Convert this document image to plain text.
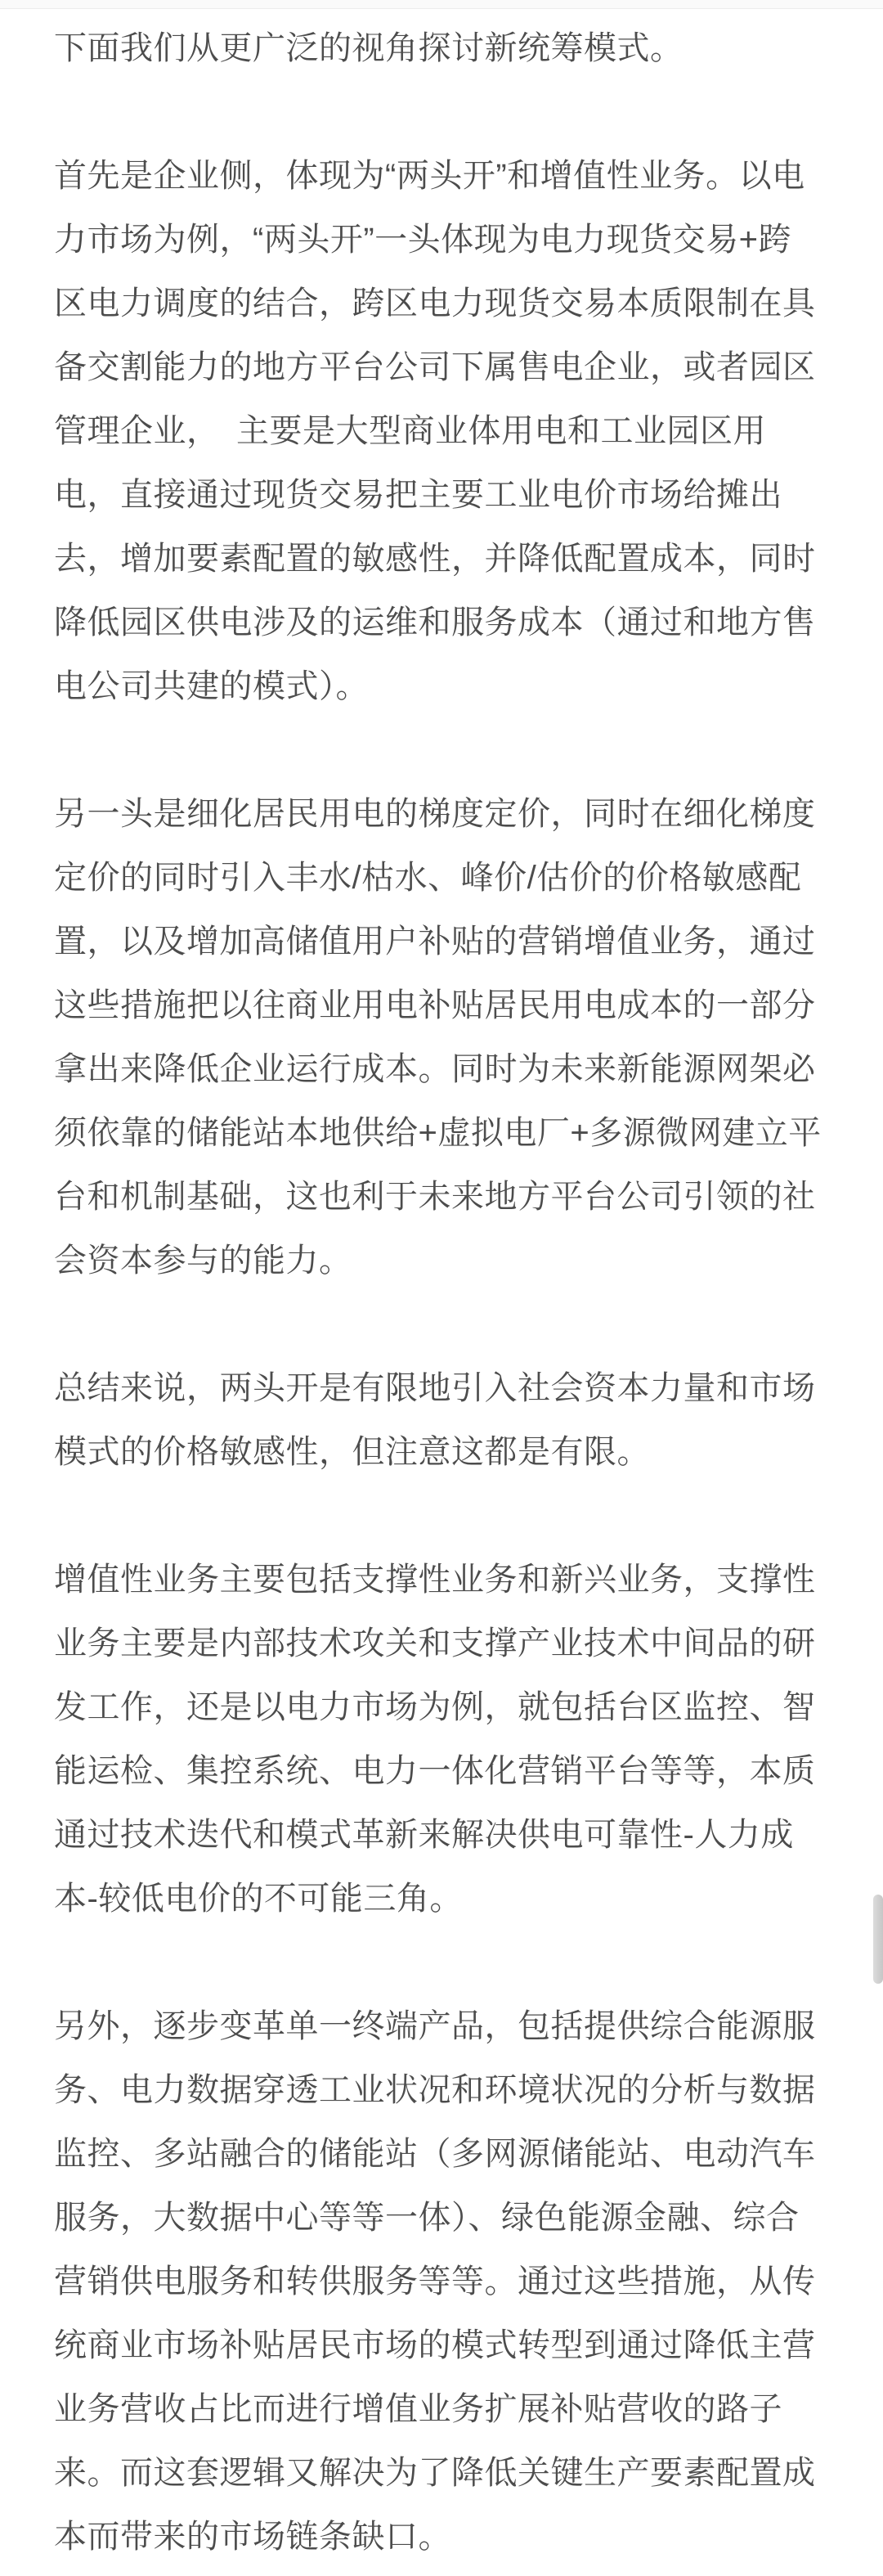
下面我们从更广泛的视角探讨新统筹模式。
首先是企业侧，体现为“两头开”和增值性业务。以电
力市场为例，“两头开”一头体现为电力现货交易+跨
区电力调度的结合，跨区电力现货交易本质限制在具
备交割能力的地方平台公司下属售电企业，或者园区
管理企业，　主要是大型商业体用电和工业园区用
电，直接通过现货交易把主要工业电价市场给摊出
去，增加要素配置的敏感性，并降低配置成本，同时
降低园区供电涉及的运维和服务成本（通过和地方售
电公司共建的模式）。
另一头是细化居民用电的梯度定价，同时在细化梯度
定价的同时引入丰水/枯水、峰价/估价的价格敏感配
置，以及增加高储值用户补贴的营销增值业务，通过
这些措施把以往商业用电补贴居民用电成本的一部分
拿出来降低企业运行成本。同时为未来新能源网架必
须依靠的储能站本地供给+虚拟电厂+多源微网建立平
台和机制基础，这也利于未来地方平台公司引领的社
会资本参与的能力。
总结来说，两头开是有限地引入社会资本力量和市场
模式的价格敏感性，但注意这都是有限。
增值性业务主要包括支撑性业务和新兴业务，支撑性
业务主要是内部技术攻关和支撑产业技术中间品的研
发工作，还是以电力市场为例，就包括台区监控、智
能运检、集控系统、电力一体化营销平台等等，本质
通过技术迭代和模式革新来解决供电可靠性-人力成
本-较低电价的不可能三角。
另外，逐步变革单一终端产品，包括提供综合能源服
务、电力数据穿透工业状况和环境状况的分析与数据
监控、多站融合的储能站（多网源储能站、电动汽车
服务，大数据中心等等一体）、绿色能源金融、综合
营销供电服务和转供服务等等。通过这些措施，从传
统商业市场补贴居民市场的模式转型到通过降低主营
业务营收占比而进行增值业务扩展补贴营收的路子
来。而这套逻辑又解决为了降低关键生产要素配置成
本而带来的市场链条缺口。
